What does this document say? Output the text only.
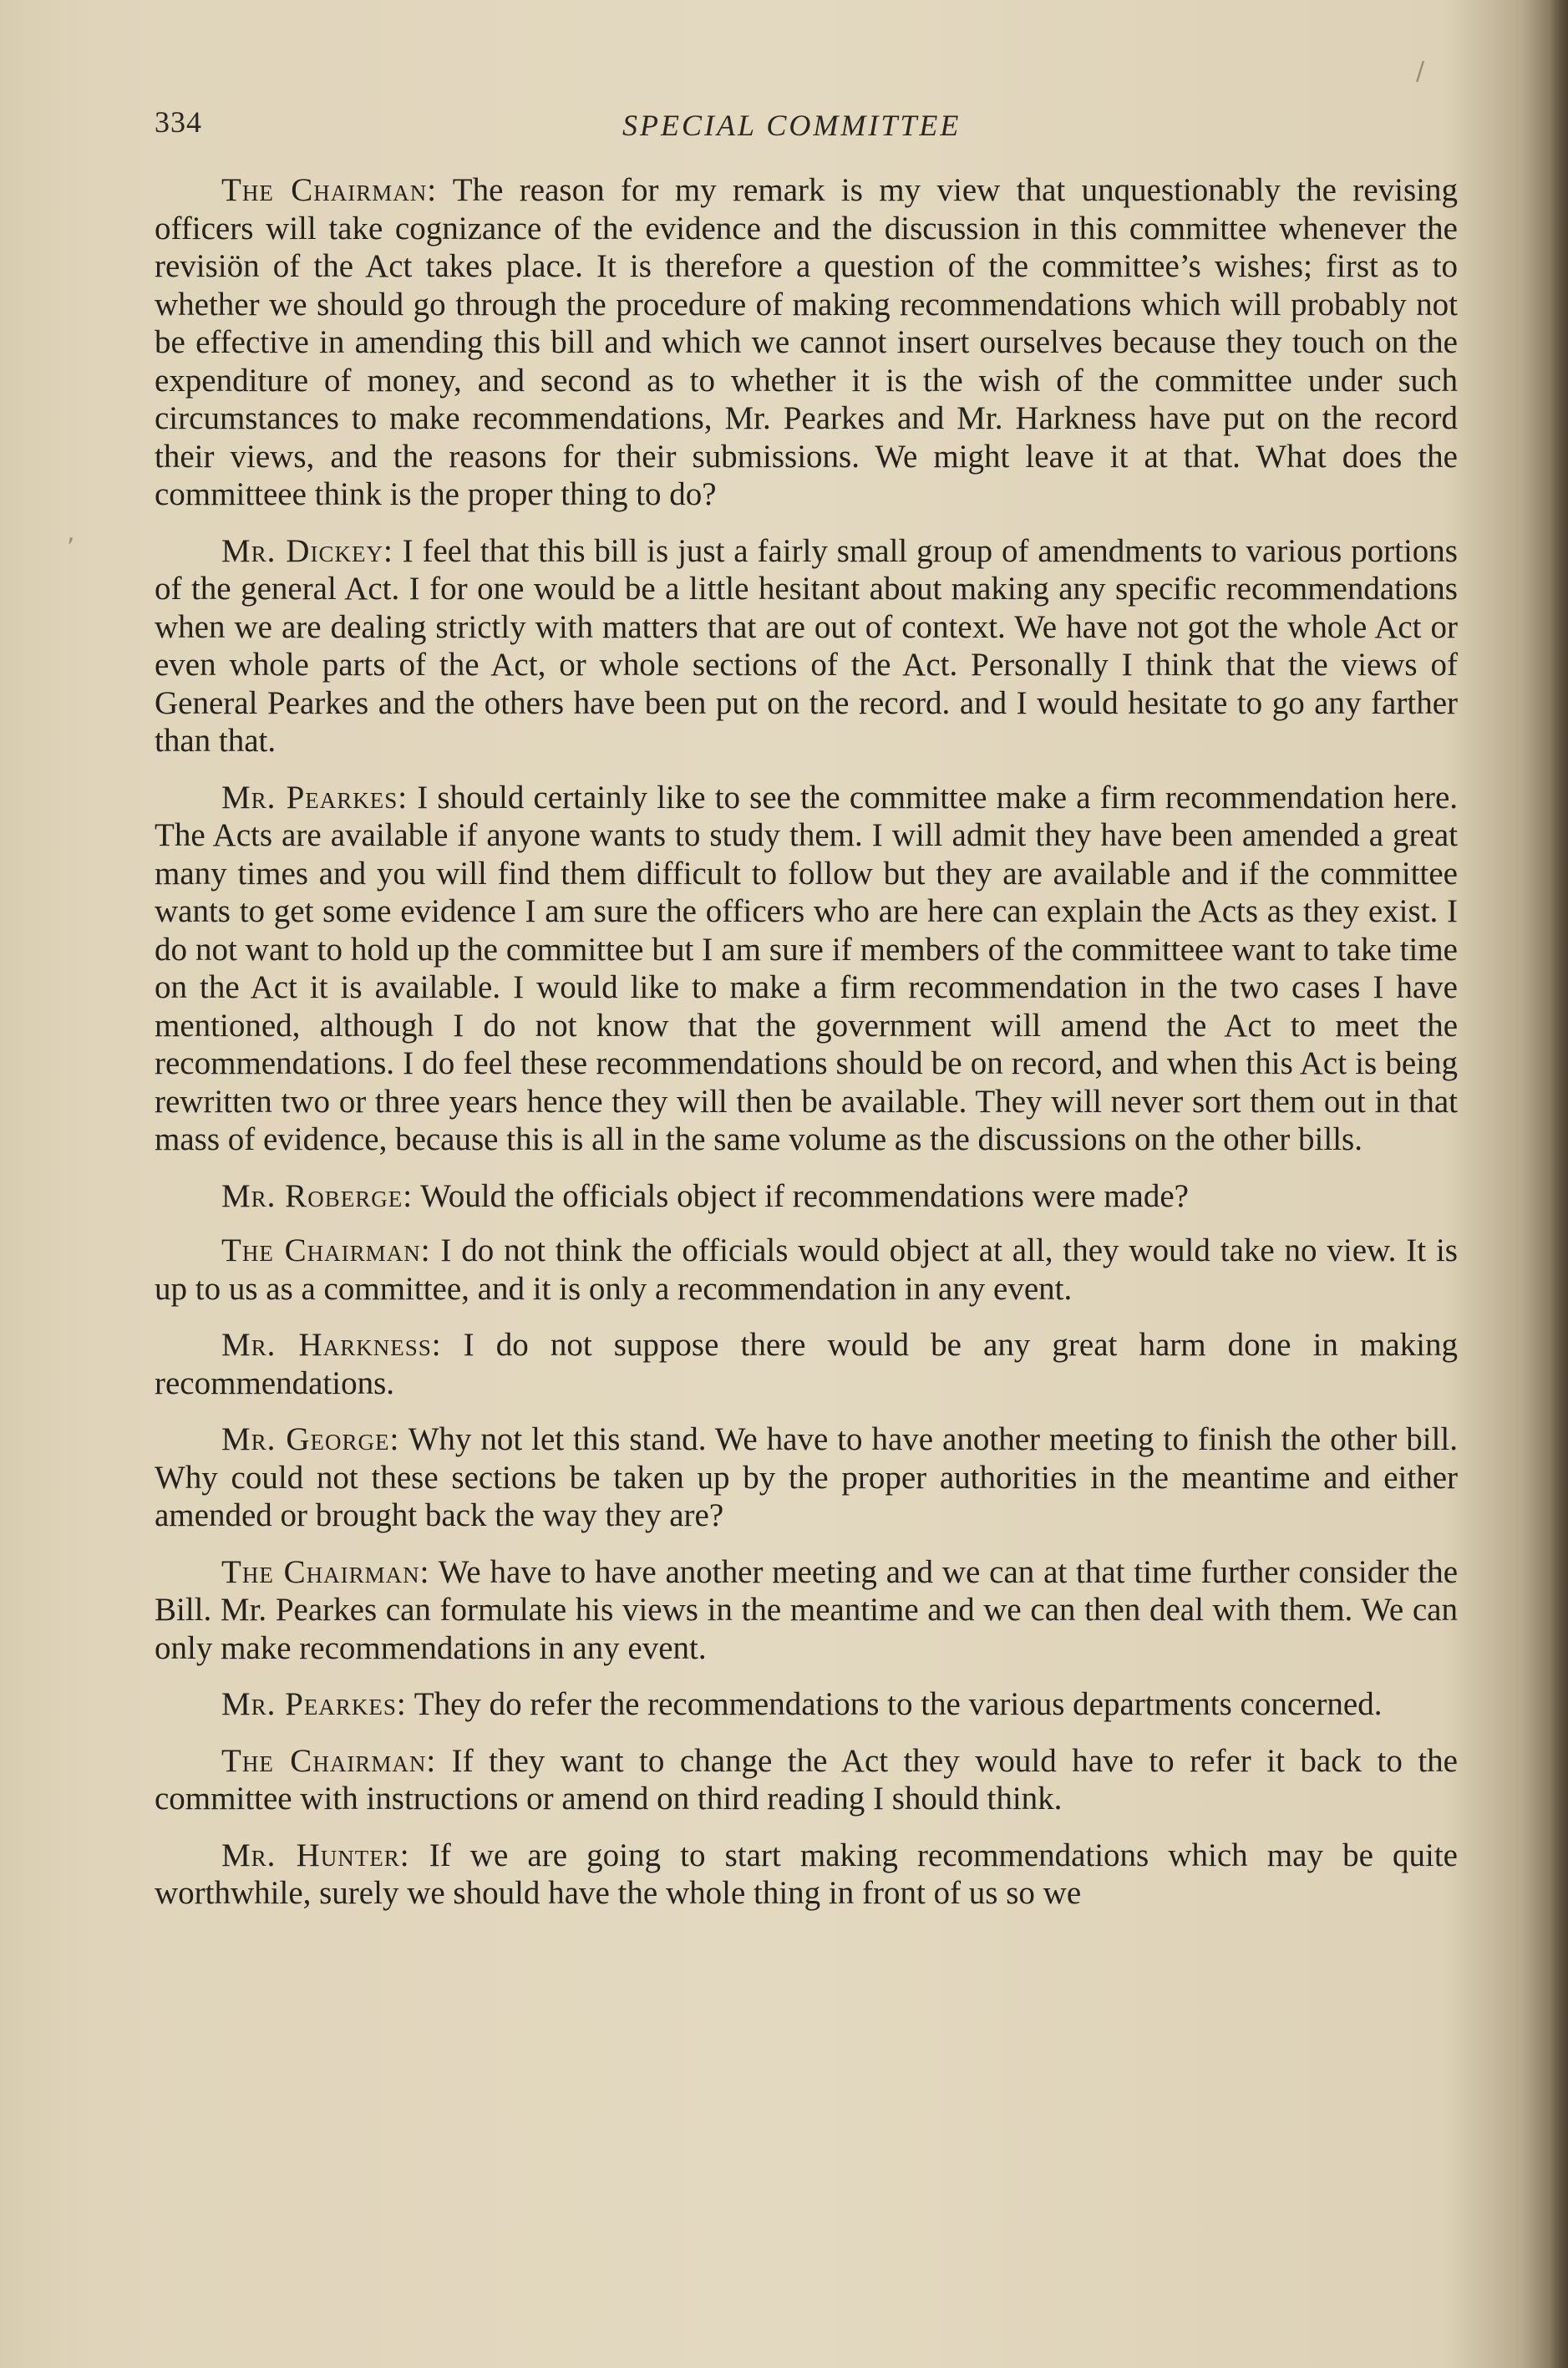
334	SPECIAL COMMITTEE
/
,

The Chairman: The reason for my remark is my view that unquestionably the revising officers will take cognizance of the evidence and the discussion in this committee whenever the revisiön of the Act takes place. It is therefore a question of the committee’s wishes; first as to whether we should go through the procedure of making recommendations which will probably not be effective in amending this bill and which we cannot insert ourselves because they touch on the expenditure of money, and second as to whether it is the wish of the committee under such circumstances to make recommendations, Mr. Pearkes and Mr. Harkness have put on the record their views, and the reasons for their submissions. We might leave it at that. What does the committeee think is the proper thing to do?

Mr. Dickey: I feel that this bill is just a fairly small group of amendments to various portions of the general Act. I for one would be a little hesitant about making any specific recommendations when we are dealing strictly with matters that are out of context. We have not got the whole Act or even whole parts of the Act, or whole sections of the Act. Personally I think that the views of General Pearkes and the others have been put on the record. and I would hesitate to go any farther than that.

Mr. Pearkes: I should certainly like to see the committee make a firm recommendation here. The Acts are available if anyone wants to study them. I will admit they have been amended a great many times and you will find them difficult to follow but they are available and if the committee wants to get some evidence I am sure the officers who are here can explain the Acts as they exist. I do not want to hold up the committee but I am sure if members of the committeee want to take time on the Act it is available. I would like to make a firm recommendation in the two cases I have mentioned, although I do not know that the government will amend the Act to meet the recommendations. I do feel these recommendations should be on record, and when this Act is being rewritten two or three years hence they will then be available. They will never sort them out in that mass of evidence, because this is all in the same volume as the discussions on the other bills.

Mr. Roberge: Would the officials object if recommendations were made?

The Chairman: I do not think the officials would object at all, they would take no view. It is up to us as a committee, and it is only a recommendation in any event.

Mr. Harkness: I do not suppose there would be any great harm done in making recommendations.

Mr. George: Why not let this stand. We have to have another meeting to finish the other bill. Why could not these sections be taken up by the proper authorities in the meantime and either amended or brought back the way they are?

The Chairman: We have to have another meeting and we can at that time further consider the Bill. Mr. Pearkes can formulate his views in the meantime and we can then deal with them. We can only make recommendations in any event.

Mr. Pearkes: They do refer the recommendations to the various departments concerned.

The Chairman: If they want to change the Act they would have to refer it back to the committee with instructions or amend on third reading I should think.

Mr. Hunter: If we are going to start making recommendations which may be quite worthwhile, surely we should have the whole thing in front of us so we
